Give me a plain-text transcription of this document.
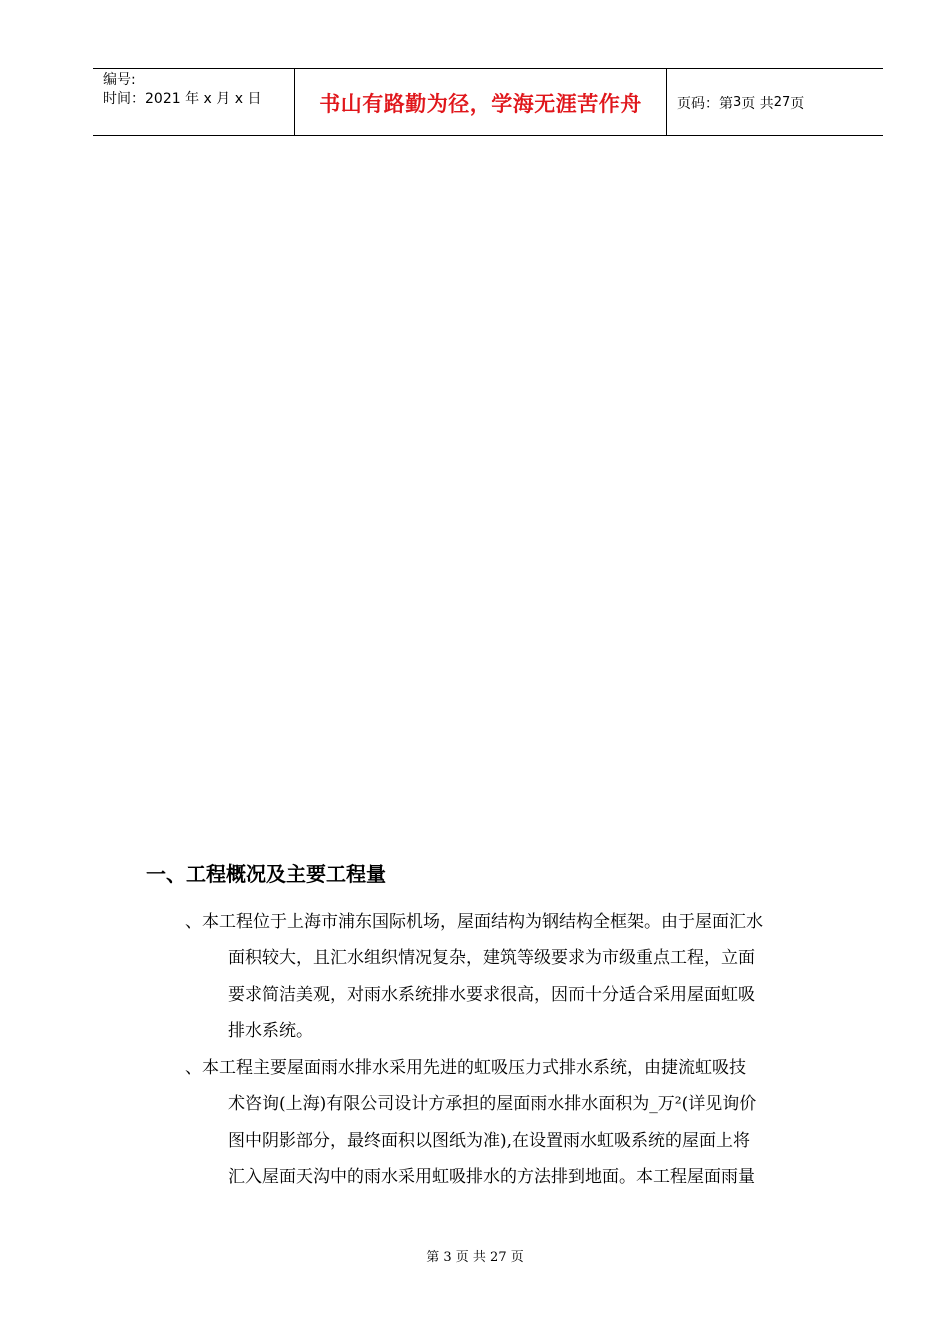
编号:
时间：2021 年 x 月 x 日	书山有路勤为径，学海无涯苦作舟	页码：第 3 页 共 27 页
一、工程概况及主要工程量
、本工程位于上海市浦东国际机场，屋面结构为钢结构全框架。由于屋面汇水
面积较大，且汇水组织情况复杂，建筑等级要求为市级重点工程，立面
要求简洁美观，对雨水系统排水要求很高，因而十分适合采用屋面虹吸
排水系统。
、本工程主要屋面雨水排水采用先进的虹吸压力式排水系统，由捷流虹吸技
术咨询(上海)有限公司设计方承担的屋面雨水排水面积为_万²(详见询价
图中阴影部分，最终面积以图纸为准),在设置雨水虹吸系统的屋面上将
汇入屋面天沟中的雨水采用虹吸排水的方法排到地面。本工程屋面雨量
第 3 页 共 27 页
